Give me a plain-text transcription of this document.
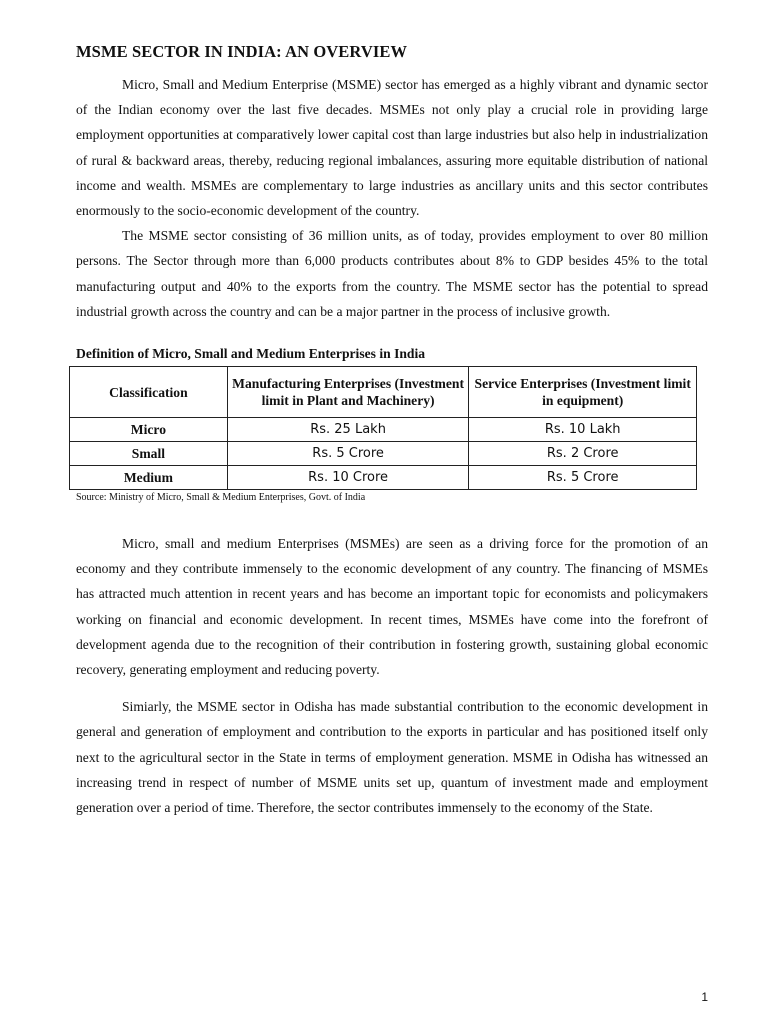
MSME SECTOR IN INDIA: AN OVERVIEW

Micro, Small and Medium Enterprise (MSME) sector has emerged as a highly vibrant and dynamic sector of the Indian economy over the last five decades. MSMEs not only play a crucial role in providing large employment opportunities at comparatively lower capital cost than large industries but also help in industrialization of rural & backward areas, thereby, reducing regional imbalances, assuring more equitable distribution of national income and wealth. MSMEs are complementary to large industries as ancillary units and this sector contributes enormously to the socio-economic development of the country.

The MSME sector consisting of 36 million units, as of today, provides employment to over 80 million persons. The Sector through more than 6,000 products contributes about 8% to GDP besides 45% to the total manufacturing output and 40% to the exports from the country. The MSME sector has the potential to spread industrial growth across the country and can be a major partner in the process of inclusive growth.

Definition of Micro, Small and Medium Enterprises in India
Classification	Manufacturing Enterprises (Investment limit in Plant and Machinery)	Service Enterprises (Investment limit in equipment)
Micro	Rs. 25 Lakh	Rs. 10 Lakh
Small	Rs. 5 Crore	Rs. 2 Crore
Medium	Rs. 10 Crore	Rs. 5 Crore
Source: Ministry of Micro, Small & Medium Enterprises, Govt. of India

Micro, small and medium Enterprises (MSMEs) are seen as a driving force for the promotion of an economy and they contribute immensely to the economic development of any country. The financing of MSMEs has attracted much attention in recent years and has become an important topic for economists and policymakers working on financial and economic development. In recent times, MSMEs have come into the forefront of development agenda due to the recognition of their contribution in fostering growth, sustaining global economic recovery, generating employment and reducing poverty.

Simiarly, the MSME sector in Odisha has made substantial contribution to the economic development in general and generation of employment and contribution to the exports in particular and has positioned itself only next to the agricultural sector in the State in terms of employment generation. MSME in Odisha has witnessed an increasing trend in respect of number of MSME units set up, quantum of investment made and employment generation over a period of time. Therefore, the sector contributes immensely to the economy of the State.

1
